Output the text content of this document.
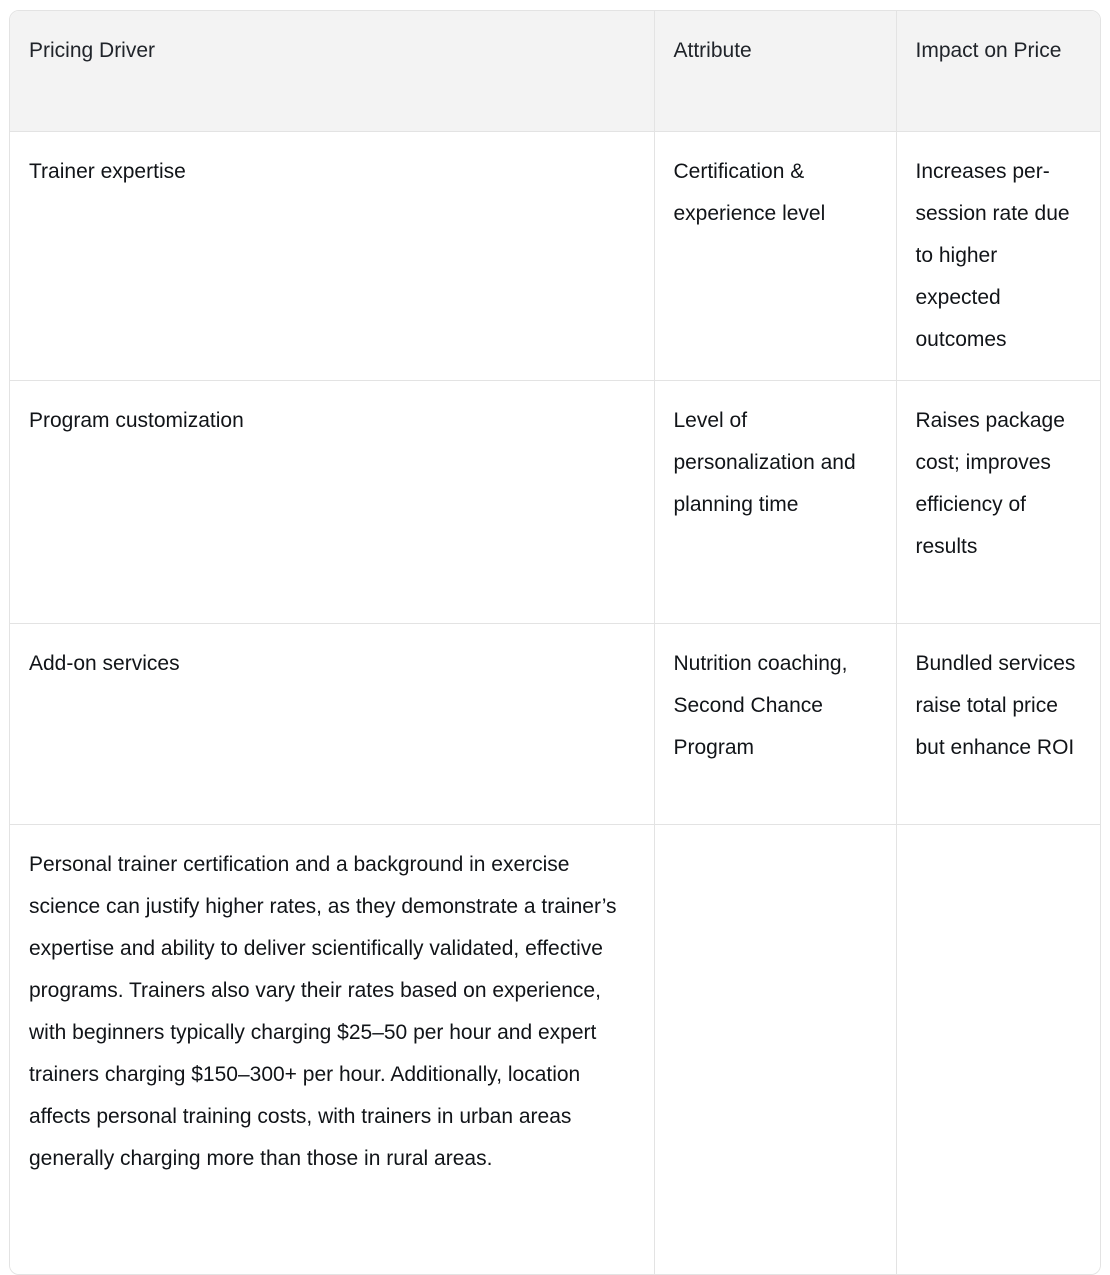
Pricing Driver	Attribute	Impact on Price
Trainer expertise	Certification & experience level	Increases per-session rate due to higher expected outcomes
Program customization	Level of personalization and planning time	Raises package cost; improves efficiency of results
Add-on services	Nutrition coaching, Second Chance Program	Bundled services raise total price but enhance ROI

Personal trainer certification and a background in exercise science can justify higher rates, as they demonstrate a trainer’s expertise and ability to deliver scientifically validated, effective programs. Trainers also vary their rates based on experience, with beginners typically charging $25–50 per hour and expert trainers charging $150–300+ per hour. Additionally, location affects personal training costs, with trainers in urban areas generally charging more than those in rural areas.		
